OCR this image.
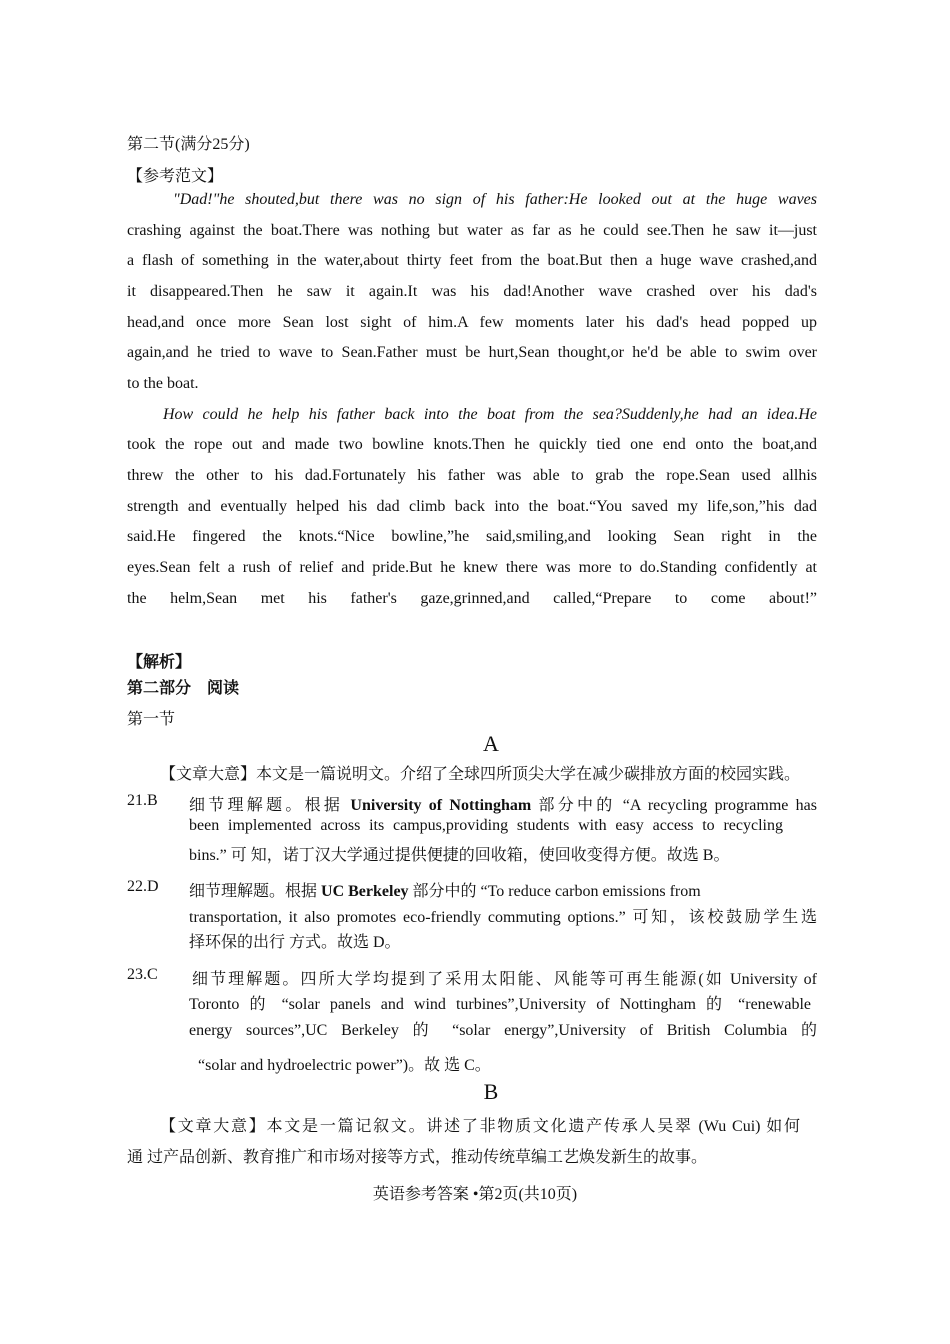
第二节(满分25分)
【参考范文】
"Dad!"he shouted,but there was no sign of his father:He looked out at the huge waves
crashing against the boat.There was nothing but water as far as he could see.Then he saw it—just
a flash of something in the water,about thirty feet from the boat.But then a huge wave crashed,and
it disappeared.Then he saw it again.It was his dad!Another wave crashed over his dad's
head,and once more Sean lost sight of him.A few moments later his dad's head popped up
again,and he tried to wave to Sean.Father must be hurt,Sean thought,or he'd be able to swim over
to the boat.
How could he help his father back into the boat from the sea?Suddenly,he had an idea.He
took the rope out and made two bowline knots.Then he quickly tied one end onto the boat,and
threw the other to his dad.Fortunately his father was able to grab the rope.Sean used allhis
strength and eventually helped his dad climb back into the boat.“You saved my life,son,”his dad
said.He fingered the knots.“Nice bowline,”he said,smiling,and looking Sean right in the
eyes.Sean felt a rush of relief and pride.But he knew there was more to do.Standing confidently at
the helm,Sean met his father's gaze,grinned,and called,“Prepare to come about!”
【解析】
第二部分　阅读
第一节
A
【文章大意】本文是一篇说明文。介绍了全球四所顶尖大学在减少碳排放方面的校园实践。
21.B 细节理解题。根据 University of Nottingham 部分中的 “A recycling programme has
been implemented across its campus,providing students with easy access to recycling
bins.” 可 知，诺丁汉大学通过提供便捷的回收箱，使回收变得方便。故选 B。
22.D 细节理解题。根据 UC Berkeley 部分中的 “To reduce carbon emissions from
transportation, it also promotes eco-friendly commuting options.” 可知，该校鼓励学生选
择环保的出行 方式。故选 D。
23.C 细节理解题。四所大学均提到了采用太阳能、风能等可再生能源(如 University of
Toronto 的 “solar panels and wind turbines”,University of Nottingham 的 “renewable
energy sources”,UC Berkeley 的 “solar energy”,University of British Columbia 的
“solar and hydroelectric power”)。故 选 C。
B
【文章大意】本文是一篇记叙文。讲述了非物质文化遗产传承人吴翠 (Wu Cui) 如何
通 过产品创新、教育推广和市场对接等方式，推动传统草编工艺焕发新生的故事。
英语参考答案 •第2页(共10页)
